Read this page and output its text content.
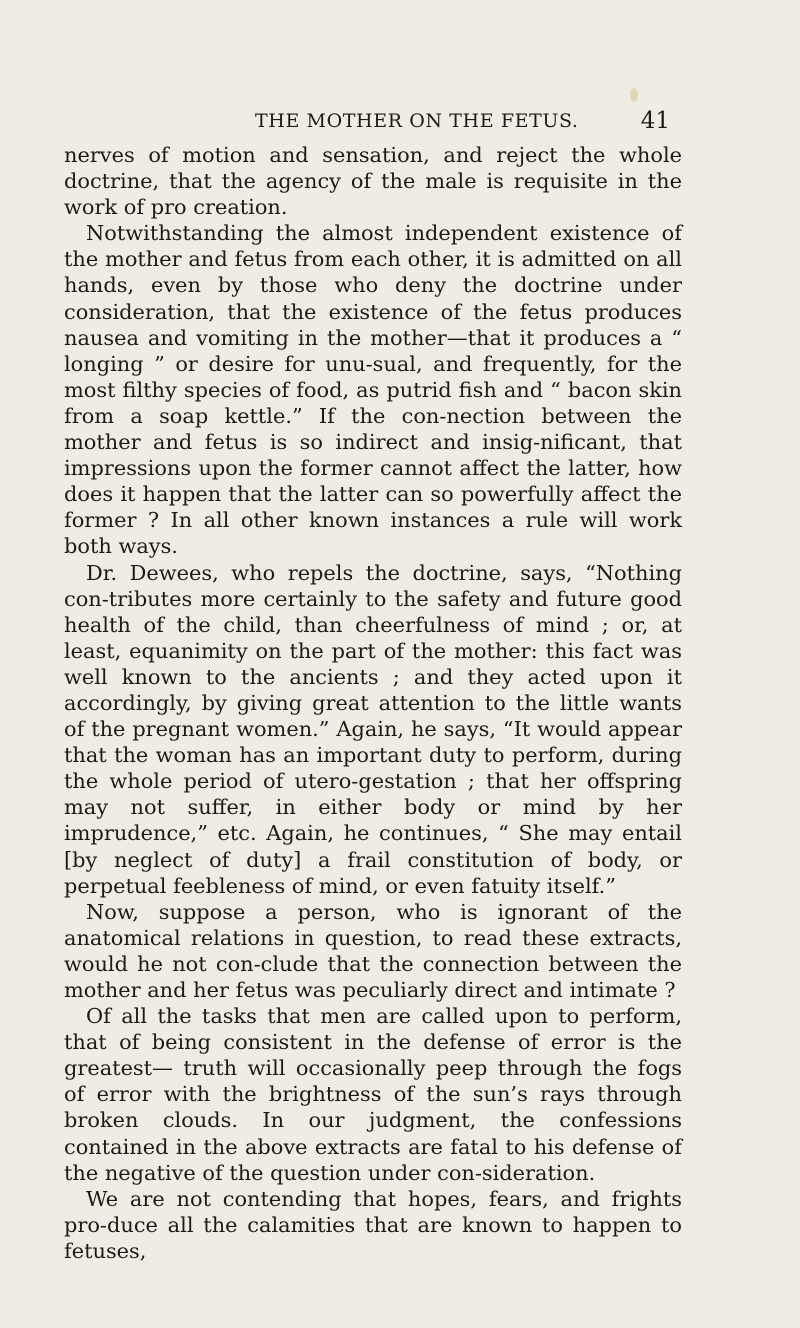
THE MOTHER ON THE FETUS.	41

nerves of motion and sensation, and reject the whole doctrine, that the agency of the male is requisite in the work of pro creation.

Notwithstanding the almost independent existence of the mother and fetus from each other, it is admitted on all hands, even by those who deny the doctrine under consideration, that the existence of the fetus produces nausea and vomiting in the mother—that it produces a “ longing ” or desire for unu-sual, and frequently, for the most filthy species of food, as putrid fish and “ bacon skin from a soap kettle.” If the con-nection between the mother and fetus is so indirect and insig-nificant, that impressions upon the former cannot affect the latter, how does it happen that the latter can so powerfully affect the former ? In all other known instances a rule will work both ways.

Dr. Dewees, who repels the doctrine, says, “Nothing con-tributes more certainly to the safety and future good health of the child, than cheerfulness of mind ; or, at least, equanimity on the part of the mother: this fact was well known to the ancients ; and they acted upon it accordingly, by giving great attention to the little wants of the pregnant women.” Again, he says, “It would appear that the woman has an important duty to perform, during the whole period of utero-gestation ; that her offspring may not suffer, in either body or mind by her imprudence,” etc. Again, he continues, “ She may entail [by neglect of duty] a frail constitution of body, or perpetual feebleness of mind, or even fatuity itself.”

Now, suppose a person, who is ignorant of the anatomical relations in question, to read these extracts, would he not con-clude that the connection between the mother and her fetus was peculiarly direct and intimate ?

Of all the tasks that men are called upon to perform, that of being consistent in the defense of error is the greatest— truth will occasionally peep through the fogs of error with the brightness of the sun’s rays through broken clouds. In our judgment, the confessions contained in the above extracts are fatal to his defense of the negative of the question under con-sideration.

We are not contending that hopes, fears, and frights pro-duce all the calamities that are known to happen to fetuses,
